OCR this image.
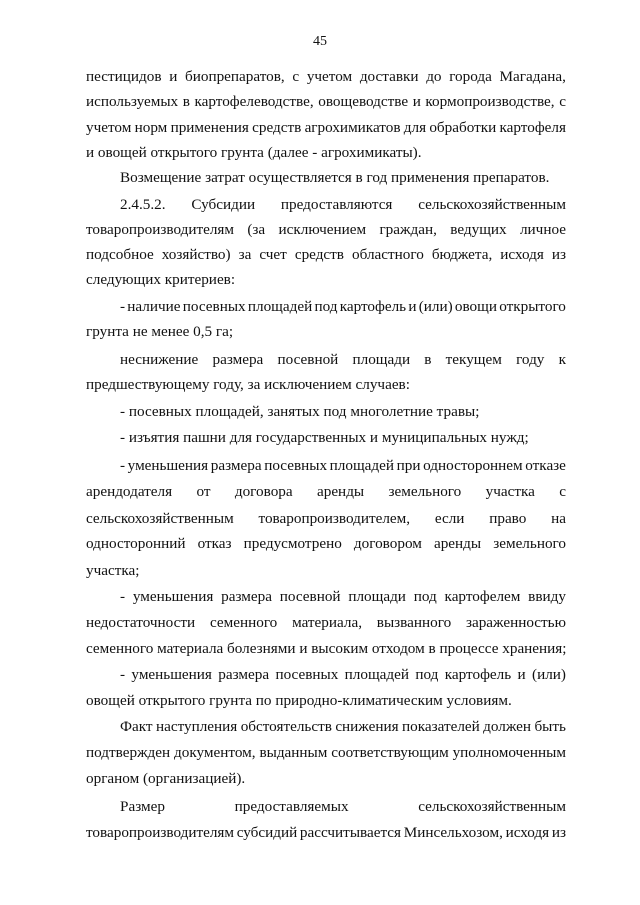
45
пестицидов и биопрепаратов, с учетом доставки до города Магадана,
используемых в картофелеводстве, овощеводстве и кормопроизводстве, с
учетом норм применения средств агрохимикатов для обработки картофеля
и овощей открытого грунта (далее - агрохимикаты).
Возмещение затрат осуществляется в год применения препаратов.
2.4.5.2. Субсидии предоставляются сельскохозяйственным
товаропроизводителям (за исключением граждан, ведущих личное
подсобное хозяйство) за счет средств областного бюджета, исходя из
следующих критериев:
- наличие посевных площадей под картофель и (или) овощи открытого
грунта не менее 0,5 га;
неснижение размера посевной площади в текущем году к
предшествующему году, за исключением случаев:
- посевных площадей, занятых под многолетние травы;
- изъятия пашни для государственных и муниципальных нужд;
- уменьшения размера посевных площадей при одностороннем отказе
арендодателя от договора аренды земельного участка с
сельскохозяйственным товаропроизводителем, если право на
односторонний отказ предусмотрено договором аренды земельного
участка;
- уменьшения размера посевной площади под картофелем ввиду
недостаточности семенного материала, вызванного зараженностью
семенного материала болезнями и высоким отходом в процессе хранения;
- уменьшения размера посевных площадей под картофель и (или)
овощей открытого грунта по природно-климатическим условиям.
Факт наступления обстоятельств снижения показателей должен быть
подтвержден документом, выданным соответствующим уполномоченным
органом (организацией).
Размер	предоставляемых	сельскохозяйственным
товаропроизводителям субсидий рассчитывается Минсельхозом, исходя из
